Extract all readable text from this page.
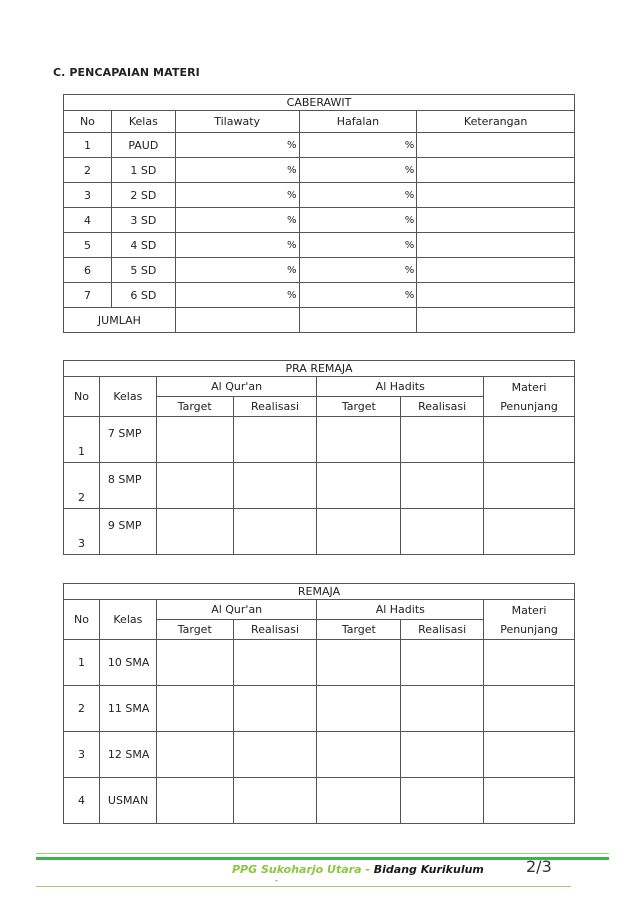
C. PENCAPAIAN MATERI
CABERAWIT				
No	Kelas	Tilawaty	Hafalan	Keterangan
1	PAUD	%	%	
2	1 SD	%	%	
3	2 SD	%	%	
4	3 SD	%	%	
5	4 SD	%	%	
6	5 SD	%	%	
7	6 SD	%	%	
JUMLAH				
PRA REMAJA						
No	Kelas	Al Qur'an		Al Hadits		Materi Penunjang
		Target	Realisasi	Target	Realisasi	
1	7 SMP					
2	8 SMP					
3	9 SMP					
REMAJA						
No	Kelas	Al Qur'an		Al Hadits		Materi Penunjang
		Target	Realisasi	Target	Realisasi	
1	10 SMA					
2	11 SMA					
3	12 SMA					
4	USMAN					
PPG Sukoharjo Utara - Bidang Kurikulum	2/3
-
